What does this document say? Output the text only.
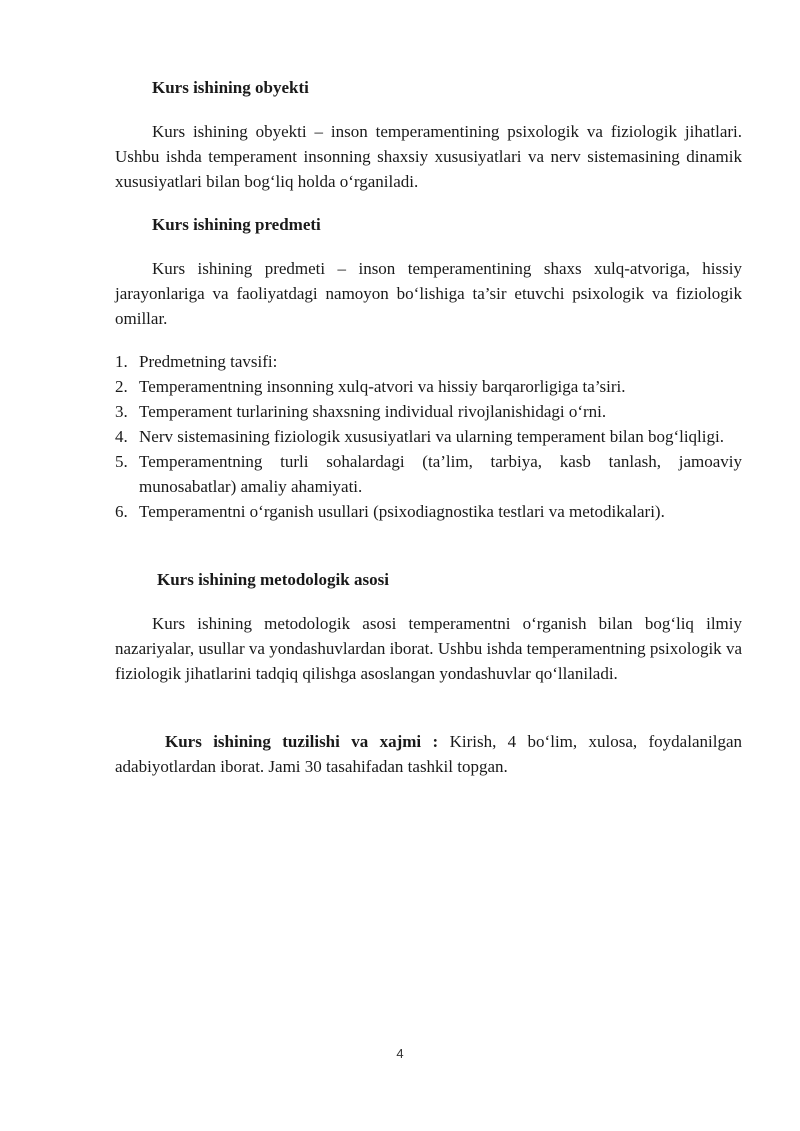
Kurs ishining obyekti

Kurs ishining obyekti – inson temperamentining psixologik va fiziologik jihatlari. Ushbu ishda temperament insonning shaxsiy xususiyatlari va nerv sistemasining dinamik xususiyatlari bilan bog‘liq holda o‘rganiladi.

Kurs ishining predmeti

Kurs ishining predmeti – inson temperamentining shaxs xulq-atvoriga, hissiy jarayonlariga va faoliyatdagi namoyon bo‘lishiga ta’sir etuvchi psixologik va fiziologik omillar.

1. Predmetning tavsifi:
2. Temperamentning insonning xulq-atvori va hissiy barqarorligiga ta’siri.
3. Temperament turlarining shaxsning individual rivojlanishidagi o‘rni.
4. Nerv sistemasining fiziologik xususiyatlari va ularning temperament bilan bog‘liqligi.
5. Temperamentning turli sohalardagi (ta’lim, tarbiya, kasb tanlash, jamoaviy munosabatlar) amaliy ahamiyati.
6. Temperamentni o‘rganish usullari (psixodiagnostika testlari va metodikalari).
Kurs ishining metodologik asosi

Kurs ishining metodologik asosi temperamentni o‘rganish bilan bog‘liq ilmiy nazariyalar, usullar va yondashuvlardan iborat. Ushbu ishda temperamentning psixologik va fiziologik jihatlarini tadqiq qilishga asoslangan yondashuvlar qo‘llaniladi.

Kurs ishining tuzilishi va xajmi : Kirish, 4 bo‘lim, xulosa, foydalanilgan adabiyotlardan iborat. Jami 30 tasahifadan tashkil topgan.

4
